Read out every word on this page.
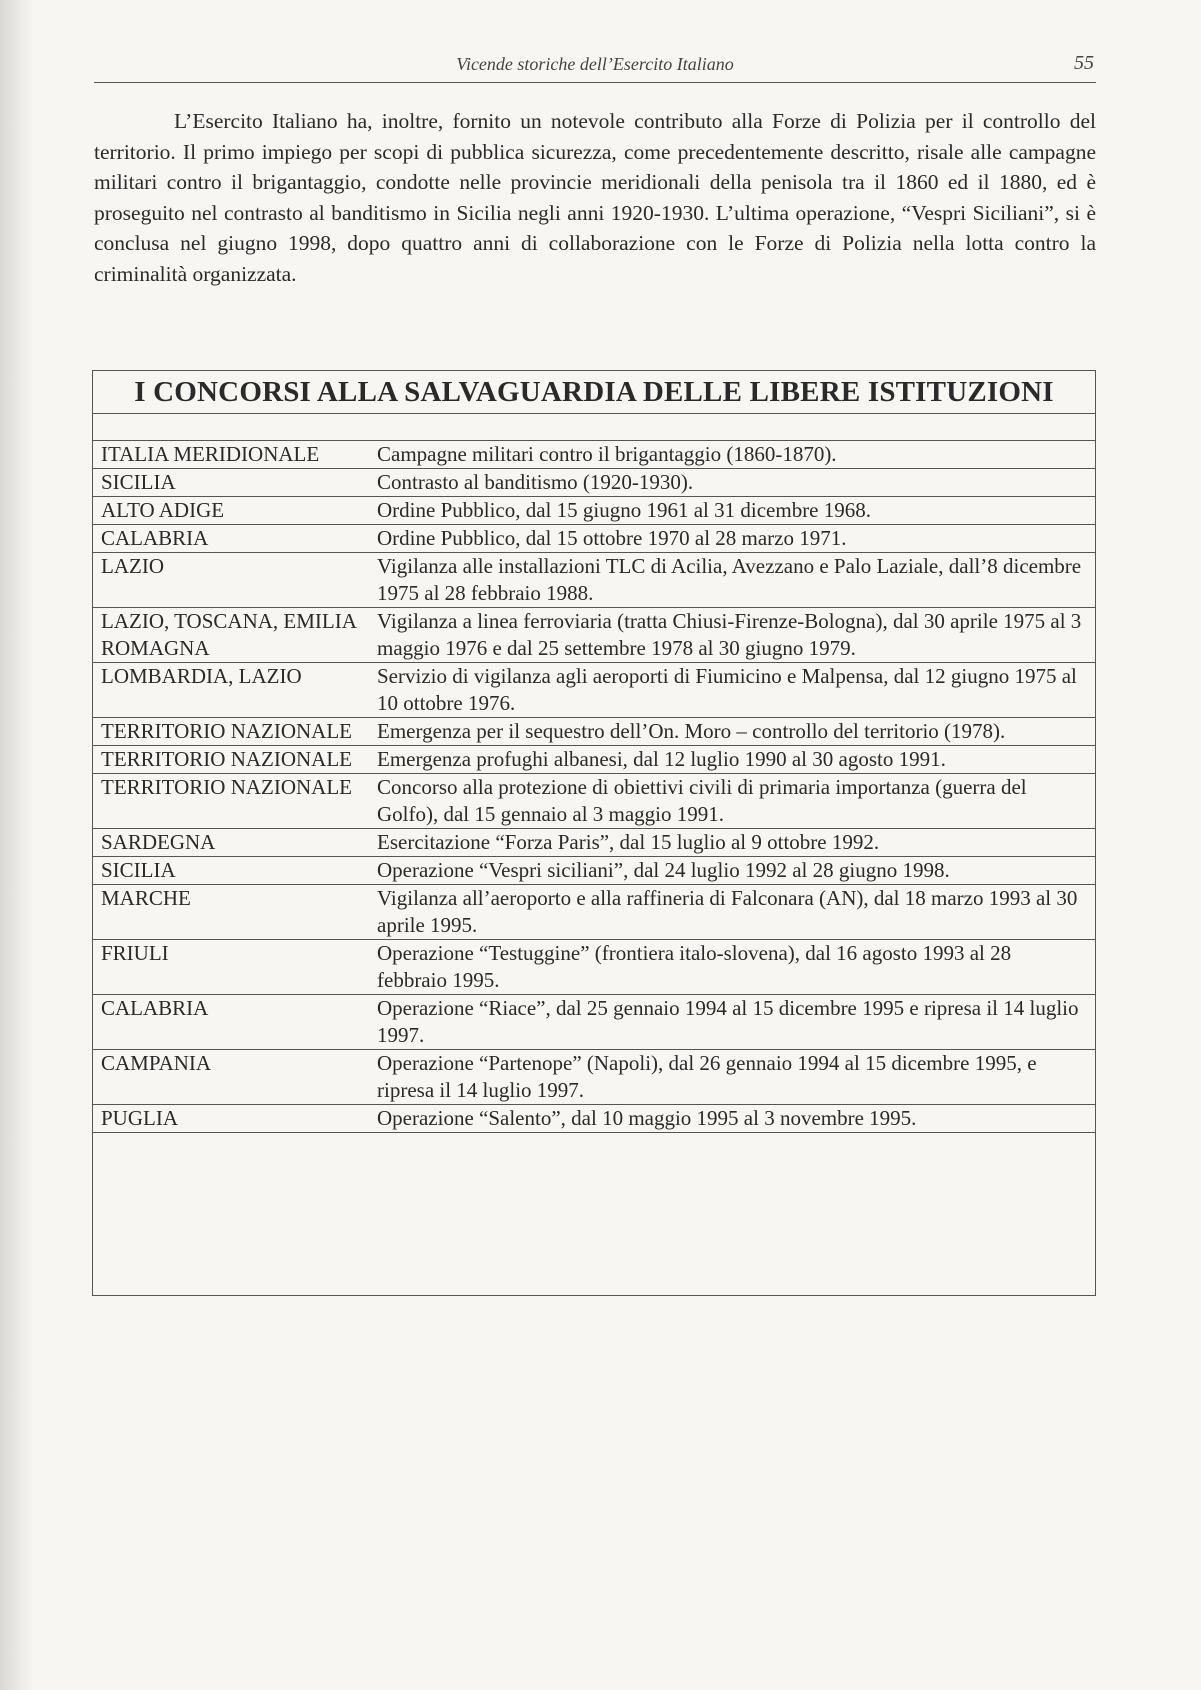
Vicende storiche dell’Esercito Italiano	55

L’Esercito Italiano ha, inoltre, fornito un notevole contributo alla Forze di Polizia per il controllo del territorio. Il primo impiego per scopi di pubblica sicurezza, come precedentemente descritto, risale alle campagne militari contro il brigantaggio, condotte nelle provincie meridionali della penisola tra il 1860 ed il 1880, ed è proseguito nel contrasto al banditismo in Sicilia negli anni 1920-1930. L’ultima operazione, “Vespri Siciliani”, si è conclusa nel giugno 1998, dopo quattro anni di collaborazione con le Forze di Polizia nella lotta contro la criminalità organizzata.

I CONCORSI ALLA SALVAGUARDIA DELLE LIBERE ISTITUZIONI
ITALIA MERIDIONALE	Campagne militari contro il brigantaggio (1860-1870).
SICILIA	Contrasto al banditismo (1920-1930).
ALTO ADIGE	Ordine Pubblico, dal 15 giugno 1961 al 31 dicembre 1968.
CALABRIA	Ordine Pubblico, dal 15 ottobre 1970 al 28 marzo 1971.
LAZIO	Vigilanza alle installazioni TLC di Acilia, Avezzano e Palo Laziale, dall’8 dicembre 1975 al 28 febbraio 1988.
LAZIO, TOSCANA, EMILIA ROMAGNA	Vigilanza a linea ferroviaria (tratta Chiusi-Firenze-Bologna), dal 30 aprile 1975 al 3 maggio 1976 e dal 25 settembre 1978 al 30 giugno 1979.
LOMBARDIA, LAZIO	Servizio di vigilanza agli aeroporti di Fiumicino e Malpensa, dal 12 giugno 1975 al 10 ottobre 1976.
TERRITORIO NAZIONALE	Emergenza per il sequestro dell’On. Moro – controllo del territorio (1978).
TERRITORIO NAZIONALE	Emergenza profughi albanesi, dal 12 luglio 1990 al 30 agosto 1991.
TERRITORIO NAZIONALE	Concorso alla protezione di obiettivi civili di primaria importanza (guerra del Golfo), dal 15 gennaio al 3 maggio 1991.
SARDEGNA	Esercitazione “Forza Paris”, dal 15 luglio al 9 ottobre 1992.
SICILIA	Operazione “Vespri siciliani”, dal 24 luglio 1992 al 28 giugno 1998.
MARCHE	Vigilanza all’aeroporto e alla raffineria di Falconara (AN), dal 18 marzo 1993 al 30 aprile 1995.
FRIULI	Operazione “Testuggine” (frontiera italo-slovena), dal 16 agosto 1993 al 28 febbraio 1995.
CALABRIA	Operazione “Riace”, dal 25 gennaio 1994 al 15 dicembre 1995 e ripresa il 14 luglio 1997.
CAMPANIA	Operazione “Partenope” (Napoli), dal 26 gennaio 1994 al 15 dicembre 1995, e ripresa il 14 luglio 1997.
PUGLIA	Operazione “Salento”, dal 10 maggio 1995 al 3 novembre 1995.
